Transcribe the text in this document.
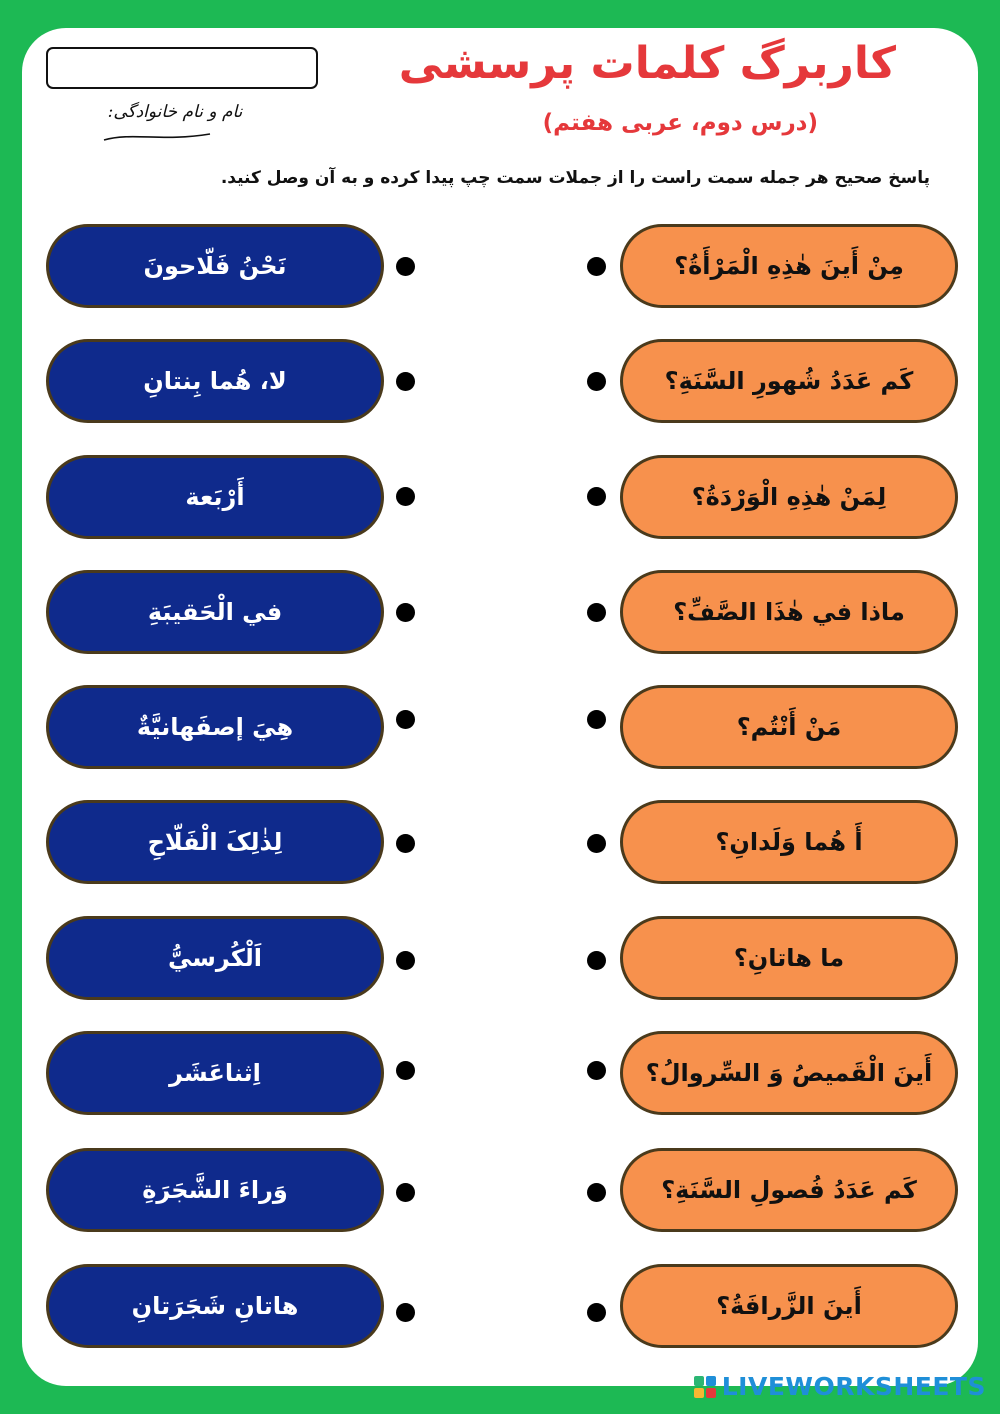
نام و نام خانوادگی:
کاربرگ کلمات پرسشی
(درس دوم، عربی هفتم)
پاسخ صحیح هر جمله سمت راست را از جملات سمت چپ پیدا کرده و به آن وصل کنید.
نَحْنُ فَلّاحونَ	مِنْ أَينَ هٰذِهِ الْمَرْأَةُ؟
لا، هُما بِنتانِ	كَم عَدَدُ شُهورِ السَّنَةِ؟
أَرْبَعة	لِمَنْ هٰذِهِ الْوَرْدَةُ؟
في الْحَقيبَةِ	ماذا في هٰذَا الصَّفِّ؟
هِيَ إصفَهانيَّةٌ	مَنْ أَنْتُم؟
لِذٰلِکَ الْفَلّاحِ	أَ هُما وَلَدانِ؟
اَلْکُرسيُّ	ما هاتانِ؟
اِثناعَشَر	أَينَ الْقَميصُ وَ السِّروالُ؟
وَراءَ الشَّجَرَةِ	كَم عَدَدُ فُصولِ السَّنَةِ؟
هاتانِ شَجَرَتانِ	أَينَ الزَّرافَةُ؟
LIVEWORKSHEETS
